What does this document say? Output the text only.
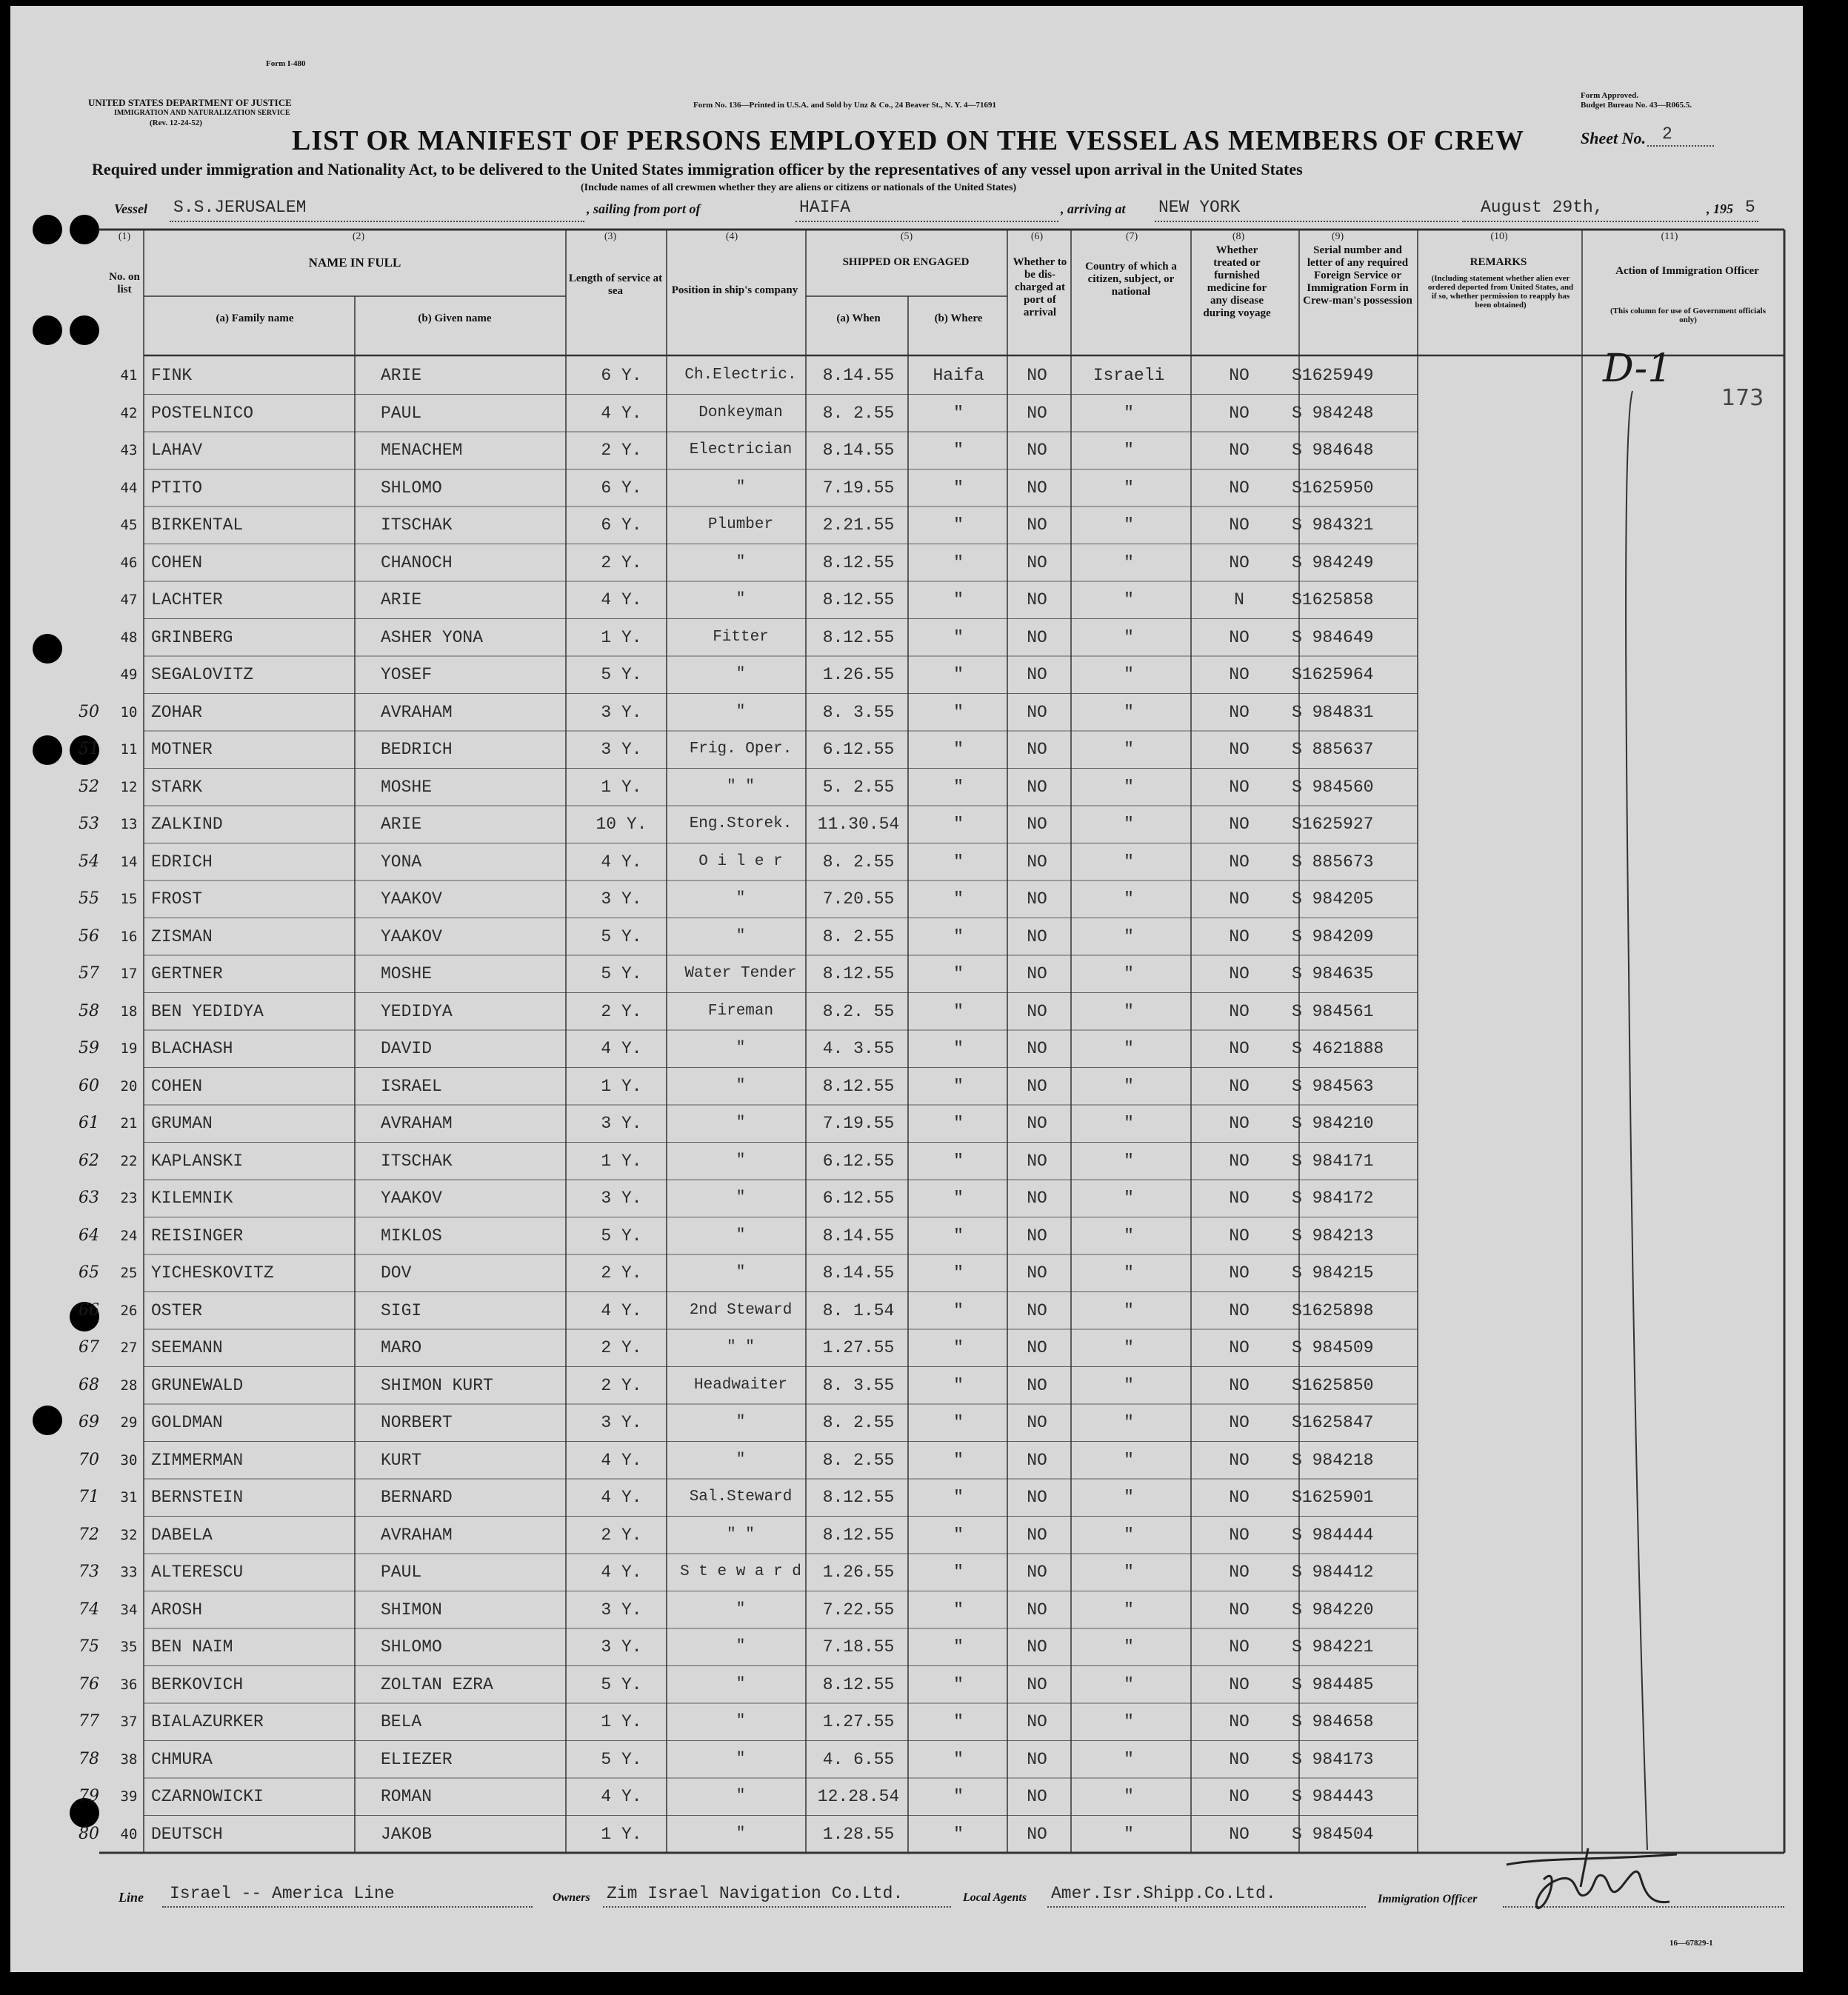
Form I-480
UNITED STATES DEPARTMENT OF JUSTICE
IMMIGRATION AND NATURALIZATION SERVICE
(Rev. 12-24-52)
Form No. 136—Printed in U.S.A. and Sold by Unz & Co., 24 Beaver St., N. Y. 4—71691
Form Approved.
Budget Bureau No. 43—R065.5.
LIST OR MANIFEST OF PERSONS EMPLOYED ON THE VESSEL AS MEMBERS OF CREW	Sheet No. 2
Required under immigration and Nationality Act, to be delivered to the United States immigration officer by the representatives of any vessel upon arrival in the United States
(Include names of all crewmen whether they are aliens or citizens or nationals of the United States)
Vessel S.S.JERUSALEM	, sailing from port of	HAIFA	, arriving at NEW YORK	August 29th,	, 195 5
(1)	(2)	(3)	(4)	(5)	(6)	(7)	(8)	(9)	(10)	(11)
No. on list
NAME IN FULL
(a) Family name	(b) Given name
Length of service at sea	Position in ship's company
SHIPPED OR ENGAGED
(a) When	(b) Where
Whether to be dis-charged at port of arrival
Country of which a citizen, subject, or national
Whether treated or furnished medicine for any disease during voyage
Serial number and letter of any required Foreign Service or Immigration Form in Crew-man's possession
REMARKS
(Including statement whether alien ever ordered deported from United States, and if so, whether permission to reapply has been obtained)
Action of Immigration Officer
(This column for use of Government officials only)
41 FINK	ARIE	6 Y.	Ch.Electric.	8.14.55	Haifa	NO	Israeli	NO	S1625949
42 POSTELNICO	PAUL	4 Y.	Donkeyman	8. 2.55	"	NO	"	NO	S 984248
43 LAHAV	MENACHEM	2 Y.	Electrician	8.14.55	"	NO	"	NO	S 984648
44 PTITO	SHLOMO	6 Y.	"	7.19.55	"	NO	"	NO	S1625950
45 BIRKENTAL	ITSCHAK	6 Y.	Plumber	2.21.55	"	NO	"	NO	S 984321
46 COHEN	CHANOCH	2 Y.	"	8.12.55	"	NO	"	NO	S 984249
47 LACHTER	ARIE	4 Y.	"	8.12.55	"	NO	"	N	S1625858
48 GRINBERG	ASHER YONA	1 Y.	Fitter	8.12.55	"	NO	"	NO	S 984649
49 SEGALOVITZ	YOSEF	5 Y.	"	1.26.55	"	NO	"	NO	S1625964
50	10 ZOHAR	AVRAHAM	3 Y.	"	8. 3.55	"	NO	"	NO	S 984831
51	11 MOTNER	BEDRICH	3 Y.	Frig. Oper.	6.12.55	"	NO	"	NO	S 885637
52	12 STARK	MOSHE	1 Y.	" "	5. 2.55	"	NO	"	NO	S 984560
53	13 ZALKIND	ARIE	10 Y.	Eng.Storek.	11.30.54	"	NO	"	NO	S1625927
54	14 EDRICH	YONA	4 Y.	O i l e r	8. 2.55	"	NO	"	NO	S 885673
55	15 FROST	YAAKOV	3 Y.	"	7.20.55	"	NO	"	NO	S 984205
56	16 ZISMAN	YAAKOV	5 Y.	"	8. 2.55	"	NO	"	NO	S 984209
57	17 GERTNER	MOSHE	5 Y.	Water Tender	8.12.55	"	NO	"	NO	S 984635
58	18 BEN YEDIDYA	YEDIDYA	2 Y.	Fireman	8.2. 55	"	NO	"	NO	S 984561
59	19 BLACHASH	DAVID	4 Y.	"	4. 3.55	"	NO	"	NO	S 4621888
60	20 COHEN	ISRAEL	1 Y.	"	8.12.55	"	NO	"	NO	S 984563
61	21 GRUMAN	AVRAHAM	3 Y.	"	7.19.55	"	NO	"	NO	S 984210
62	22 KAPLANSKI	ITSCHAK	1 Y.	"	6.12.55	"	NO	"	NO	S 984171
63	23 KILEMNIK	YAAKOV	3 Y.	"	6.12.55	"	NO	"	NO	S 984172
64	24 REISINGER	MIKLOS	5 Y.	"	8.14.55	"	NO	"	NO	S 984213
65	25 YICHESKOVITZ	DOV	2 Y.	"	8.14.55	"	NO	"	NO	S 984215
66	26 OSTER	SIGI	4 Y.	2nd Steward	8. 1.54	"	NO	"	NO	S1625898
67	27 SEEMANN	MARO	2 Y.	" "	1.27.55	"	NO	"	NO	S 984509
68	28 GRUNEWALD	SHIMON KURT	2 Y.	Headwaiter	8. 3.55	"	NO	"	NO	S1625850
69	29 GOLDMAN	NORBERT	3 Y.	"	8. 2.55	"	NO	"	NO	S1625847
70	30 ZIMMERMAN	KURT	4 Y.	"	8. 2.55	"	NO	"	NO	S 984218
71	31 BERNSTEIN	BERNARD	4 Y.	Sal.Steward	8.12.55	"	NO	"	NO	S1625901
72	32 DABELA	AVRAHAM	2 Y.	" "	8.12.55	"	NO	"	NO	S 984444
73	33 ALTERESCU	PAUL	4 Y.	S t e w a r d	1.26.55	"	NO	"	NO	S 984412
74	34 AROSH	SHIMON	3 Y.	"	7.22.55	"	NO	"	NO	S 984220
75	35 BEN NAIM	SHLOMO	3 Y.	"	7.18.55	"	NO	"	NO	S 984221
76	36 BERKOVICH	ZOLTAN EZRA	5 Y.	"	8.12.55	"	NO	"	NO	S 984485
77	37 BIALAZURKER	BELA	1 Y.	"	1.27.55	"	NO	"	NO	S 984658
78	38 CHMURA	ELIEZER	5 Y.	"	4. 6.55	"	NO	"	NO	S 984173
79	39 CZARNOWICKI	ROMAN	4 Y.	"	12.28.54	"	NO	"	NO	S 984443
80	40 DEUTSCH	JAKOB	1 Y.	"	1.28.55	"	NO	"	NO	S 984504
D-1
173
Line Israel -- America Line	Owners Zim Israel Navigation Co.Ltd.	Local Agents Amer.Isr.Shipp.Co.Ltd.	Immigration Officer
16—67829-1
